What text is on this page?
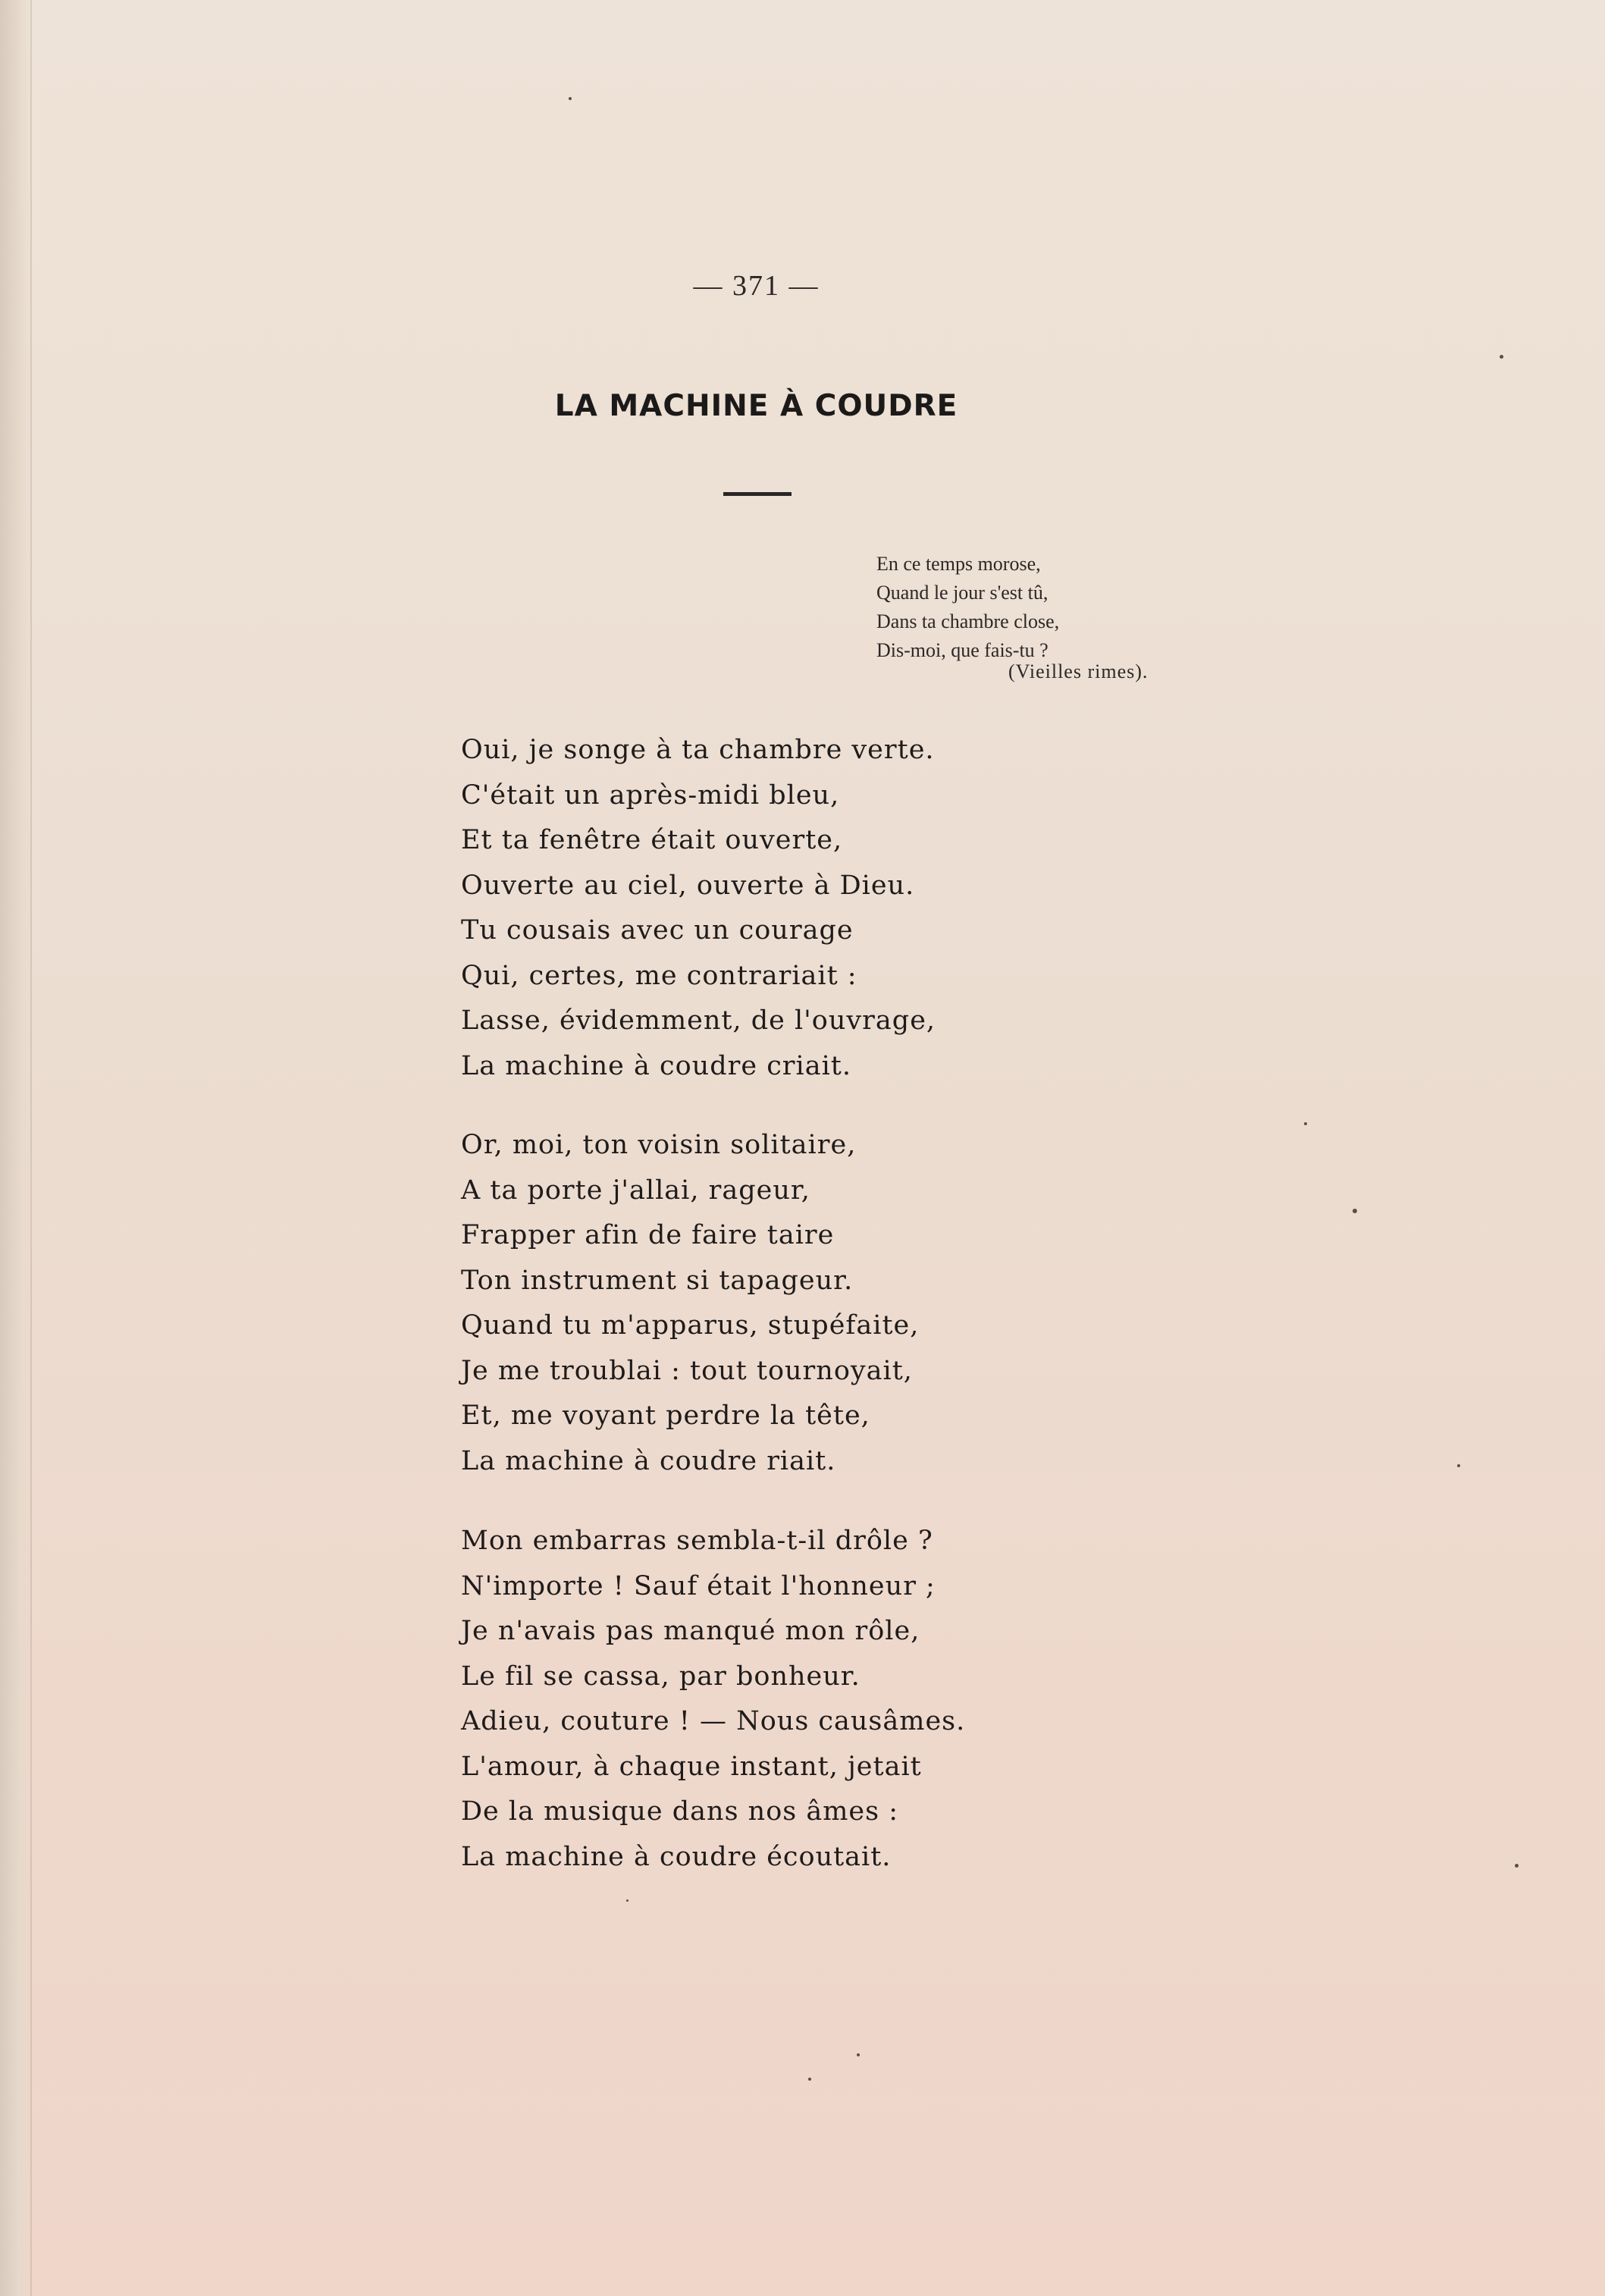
— 371 —
LA MACHINE À COUDRE
En ce temps morose,
Quand le jour s'est tû,
Dans ta chambre close,
Dis-moi, que fais-tu ?
(Vieilles rimes).
Oui, je songe à ta chambre verte.
C'était un après-midi bleu,
Et ta fenêtre était ouverte,
Ouverte au ciel, ouverte à Dieu.
Tu cousais avec un courage
Qui, certes, me contrariait :
Lasse, évidemment, de l'ouvrage,
La machine à coudre criait.
Or, moi, ton voisin solitaire,
A ta porte j'allai, rageur,
Frapper afin de faire taire
Ton instrument si tapageur.
Quand tu m'apparus, stupéfaite,
Je me troublai : tout tournoyait,
Et, me voyant perdre la tête,
La machine à coudre riait.
Mon embarras sembla-t-il drôle ?
N'importe ! Sauf était l'honneur ;
Je n'avais pas manqué mon rôle,
Le fil se cassa, par bonheur.
Adieu, couture ! — Nous causâmes.
L'amour, à chaque instant, jetait
De la musique dans nos âmes :
La machine à coudre écoutait.
